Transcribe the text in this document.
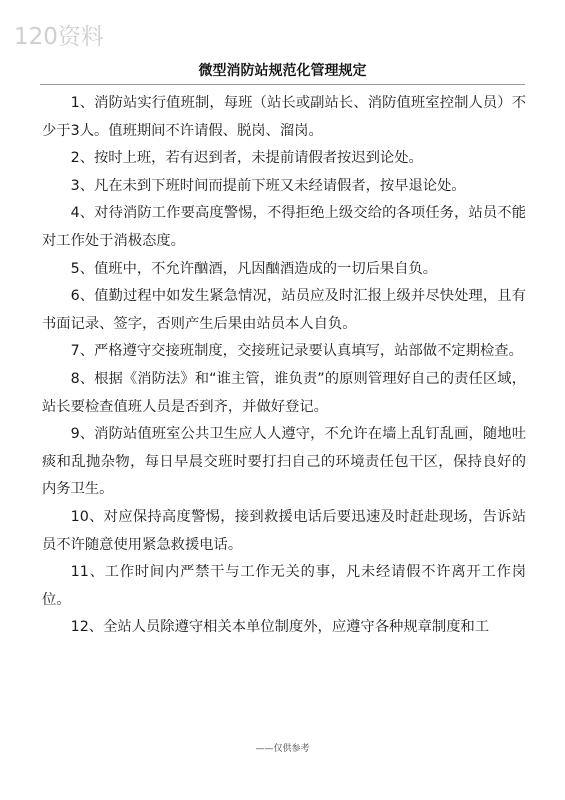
120资料
微型消防站规范化管理规定

1、消防站实行值班制，每班（站长或副站长、消防值班室控制人员）不少于3人。值班期间不许请假、脱岗、溜岗。

2、按时上班，若有迟到者，未提前请假者按迟到论处。

3、凡在未到下班时间而提前下班又未经请假者，按早退论处。

4、对待消防工作要高度警惕，不得拒绝上级交给的各项任务，站员不能对工作处于消极态度。

5、值班中，不允许酗酒，凡因酗酒造成的一切后果自负。

6、值勤过程中如发生紧急情况，站员应及时汇报上级并尽快处理，且有书面记录、签字，否则产生后果由站员本人自负。

7、严格遵守交接班制度，交接班记录要认真填写，站部做不定期检查。

8、根据《消防法》和“谁主管，谁负责”的原则管理好自己的责任区域，站长要检查值班人员是否到齐，并做好登记。

9、消防站值班室公共卫生应人人遵守，不允许在墙上乱钉乱画，随地吐痰和乱抛杂物，每日早晨交班时要打扫自己的环境责任包干区，保持良好的内务卫生。

10、对应保持高度警惕，接到救援电话后要迅速及时赶赴现场，告诉站员不许随意使用紧急救援电话。

11、工作时间内严禁干与工作无关的事，凡未经请假不许离开工作岗位。

12、全站人员除遵守相关本单位制度外，应遵守各种规章制度和工

——仅供参考
